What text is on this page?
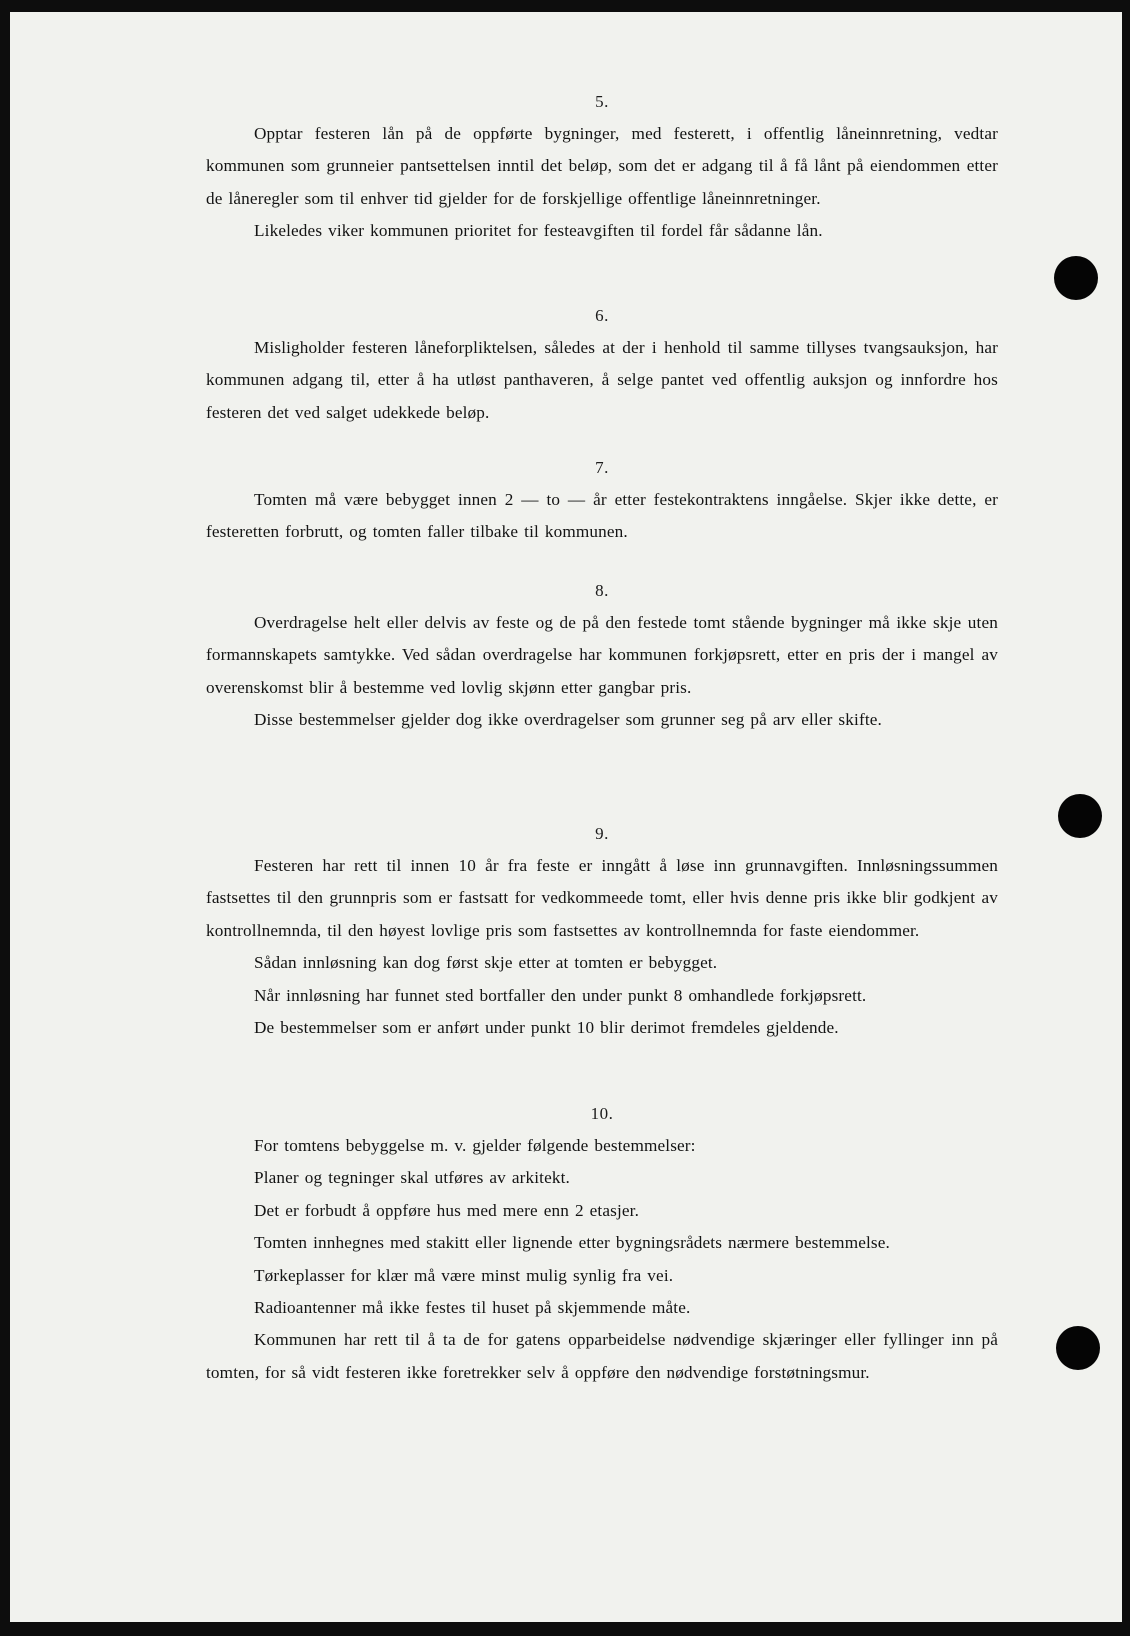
5.

Opptar festeren lån på de oppførte bygninger, med festerett, i offentlig låneinnretning, vedtar kommunen som grunneier pantsettelsen inntil det beløp, som det er adgang til å få lånt på eiendommen etter de låneregler som til enhver tid gjelder for de forskjellige offentlige låneinnretninger.

Likeledes viker kommunen prioritet for festeavgiften til fordel får sådanne lån.

6.

Misligholder festeren låneforpliktelsen, således at der i henhold til samme tillyses tvangsauksjon, har kommunen adgang til, etter å ha utløst panthaveren, å selge pantet ved offentlig auksjon og innfordre hos festeren det ved salget udekkede beløp.

7.

Tomten må være bebygget innen 2 — to — år etter festekontraktens inngåelse. Skjer ikke dette, er festeretten forbrutt, og tomten faller tilbake til kommunen.

8.

Overdragelse helt eller delvis av feste og de på den festede tomt stående bygninger må ikke skje uten formannskapets samtykke. Ved sådan overdragelse har kommunen forkjøpsrett, etter en pris der i mangel av overenskomst blir å bestemme ved lovlig skjønn etter gangbar pris.

Disse bestemmelser gjelder dog ikke overdragelser som grunner seg på arv eller skifte.

9.

Festeren har rett til innen 10 år fra feste er inngått å løse inn grunnavgiften. Innløsningssummen fastsettes til den grunnpris som er fastsatt for vedkommeede tomt, eller hvis denne pris ikke blir godkjent av kontrollnemnda, til den høyest lovlige pris som fastsettes av kontrollnemnda for faste eiendommer.

Sådan innløsning kan dog først skje etter at tomten er bebygget.

Når innløsning har funnet sted bortfaller den under punkt 8 omhandlede forkjøpsrett.

De bestemmelser som er anført under punkt 10 blir derimot fremdeles gjeldende.

10.

For tomtens bebyggelse m. v. gjelder følgende bestemmelser:

Planer og tegninger skal utføres av arkitekt.

Det er forbudt å oppføre hus med mere enn 2 etasjer.

Tomten innhegnes med stakitt eller lignende etter bygningsrådets nærmere bestemmelse.

Tørkeplasser for klær må være minst mulig synlig fra vei.

Radioantenner må ikke festes til huset på skjemmende måte.

Kommunen har rett til å ta de for gatens opparbeidelse nødvendige skjæringer eller fyllinger inn på tomten, for så vidt festeren ikke foretrekker selv å oppføre den nødvendige forstøtningsmur.
